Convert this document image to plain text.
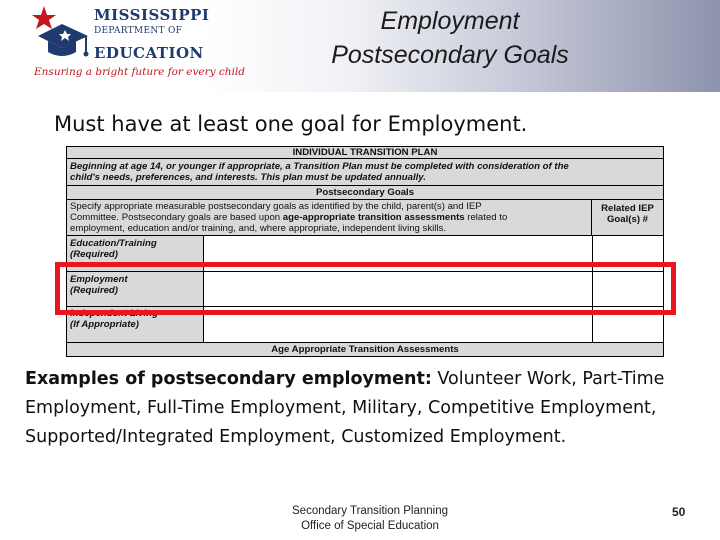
MISSISSIPPI
DEPARTMENT OF
EDUCATION
Ensuring a bright future for every child
Employment
Postsecondary Goals
Must have at least one goal for Employment.
INDIVIDUAL TRANSITION PLAN
Beginning at age 14, or younger if appropriate, a Transition Plan must be completed with consideration of the
child's needs, preferences, and interests. This plan must be updated annually.
Postsecondary Goals
Specify appropriate measurable postsecondary goals as identified by the child, parent(s) and IEP
Committee. Postsecondary goals are based upon age-appropriate transition assessments related to
employment, education and/or training, and, where appropriate, independent living skills.
Related IEP
Goal(s) #
Education/Training
(Required)
Employment
(Required)
Independent Living
(If Appropriate)
Age Appropriate Transition Assessments
Examples of postsecondary employment: Volunteer Work, Part-Time Employment, Full-Time Employment, Military, Competitive Employment, Supported/Integrated Employment, Customized Employment.
Secondary Transition Planning
Office of Special Education
50
